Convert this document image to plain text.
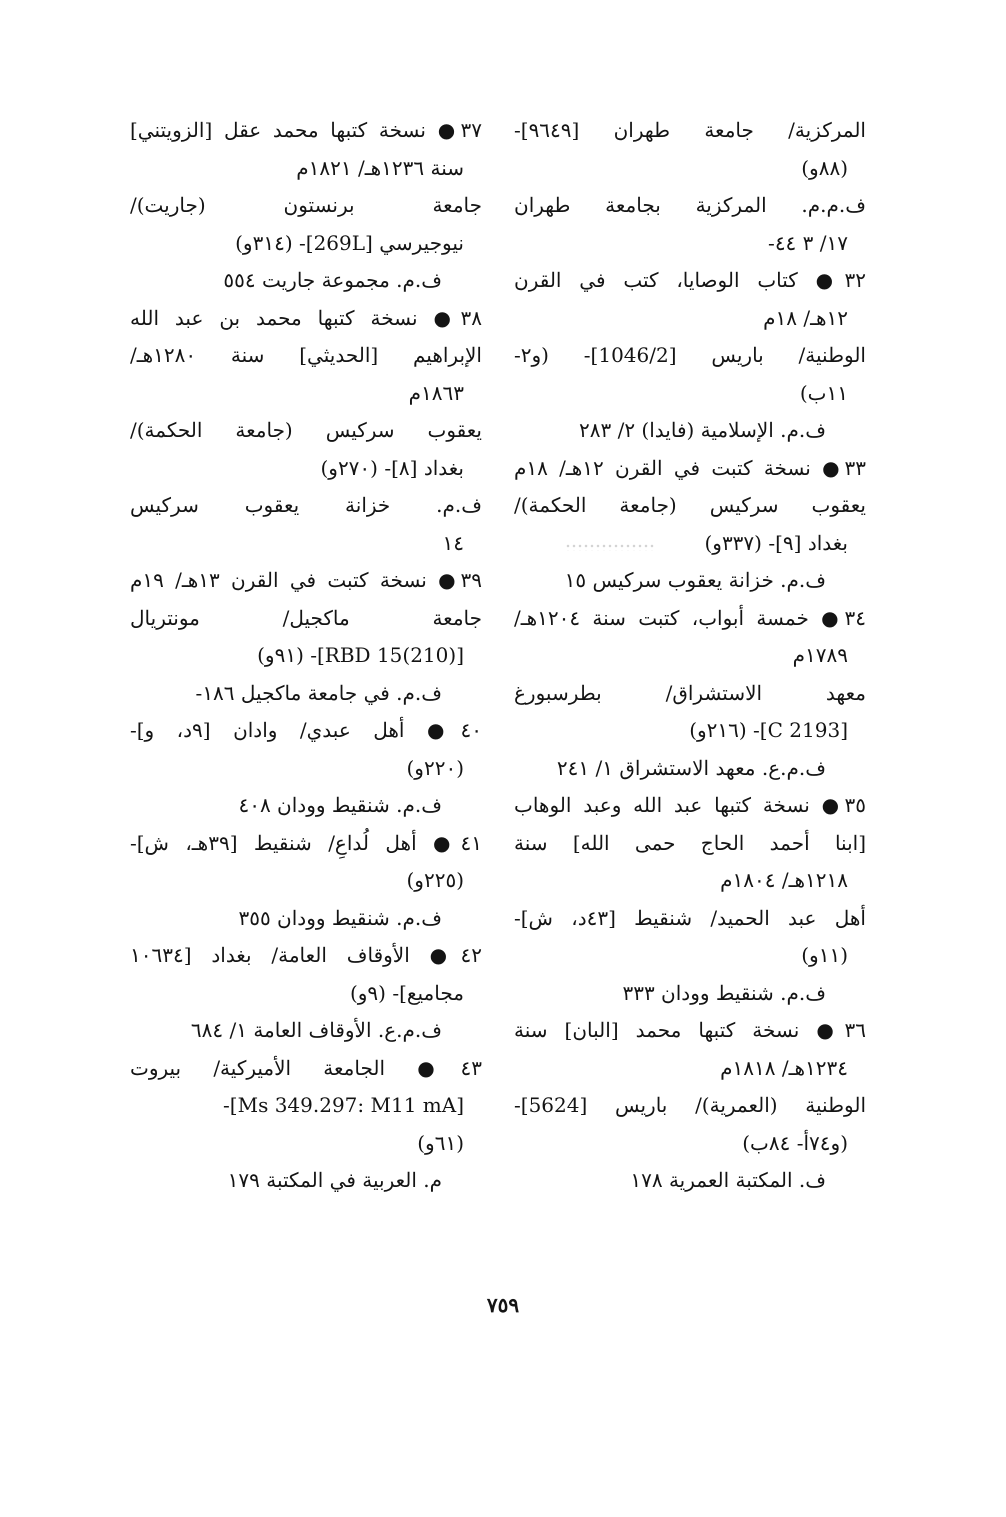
المركزية/ جامعة طهران [٩٦٤٩]-
(٨٨و)
ف.م.م. المركزية بجامعة طهران
١٧/ ٣ ٤٤-
٣٢● كتاب الوصايا، كتب في القرن
١٢هـ/ ١٨م
الوطنية/ باريس [1046/2]- (و٢-
١١ب)
ف.م. الإسلامية (فايدا) ٢/ ٢٨٣
٣٣● نسخة كتبت في القرن ١٢هـ/ ١٨م
يعقوب سركيس (جامعة الحكمة)/
بغداد [٩]- (٣٣٧و)
ف.م. خزانة يعقوب سركيس ١٥
٣٤● خمسة أبواب، كتبت سنة ١٢٠٤هـ/
١٧٨٩م
معهد الاستشراق/ بطرسبورغ
[C 2193]- (٢١٦و)
ف.م.ع. معهد الاستشراق ١/ ٢٤١
٣٥● نسخة كتبها عبد الله وعبد الوهاب
[ابنا أحمد الحاج حمى الله] سنة
١٢١٨هـ/ ١٨٠٤م
أهل عبد الحميد/ شنقيط [٤٣د، ش]-
(١١و)
ف.م. شنقيط وودان ٣٣٣
٣٦● نسخة كتبها محمد [البان] سنة
١٢٣٤هـ/ ١٨١٨م
الوطنية (العمرية)/ باريس [5624]-
(و٧٤أ- ٨٤ب)
ف. المكتبة العمرية ١٧٨
٣٧● نسخة كتبها محمد عقل [الزويتني]
سنة ١٢٣٦هـ/ ١٨٢١م
جامعة برنستون (جاريت)/
نيوجيرسي [269L]- (٣١٤و)
ف.م. مجموعة جاريت ٥٥٤
٣٨● نسخة كتبها محمد بن عبد الله
الإبراهيم [الحديثي] سنة ١٢٨٠هـ/
١٨٦٣م
يعقوب سركيس (جامعة الحكمة)/
بغداد [٨]- (٢٧٠و)
ف.م. خزانة يعقوب سركيس
١٤
٣٩● نسخة كتبت في القرن ١٣هـ/ ١٩م
جامعة ماكجيل/ مونتريال
[RBD 15(210)]- (٩١و)
ف.م. في جامعة ماكجيل ١٨٦-
٤٠● أهل عبدي/ وادان [٩د، و]-
(٢٢٠و)
ف.م. شنقيط وودان ٤٠٨
٤١● أهل لُداعِ/ شنقيط [٣٩هـ، ش]-
(٢٢٥و)
ف.م. شنقيط وودان ٣٥٥
٤٢● الأوقاف العامة/ بغداد [١٠٦٣٤
مجاميع]- (٩و)
ف.م.ع. الأوقاف العامة ١/ ٦٨٤
٤٣● الجامعة الأميركية/ بيروت
[Ms 349.297: M11 mA]-
(٦١و)
م. العربية في المكتبة ١٧٩
٧٥٩
